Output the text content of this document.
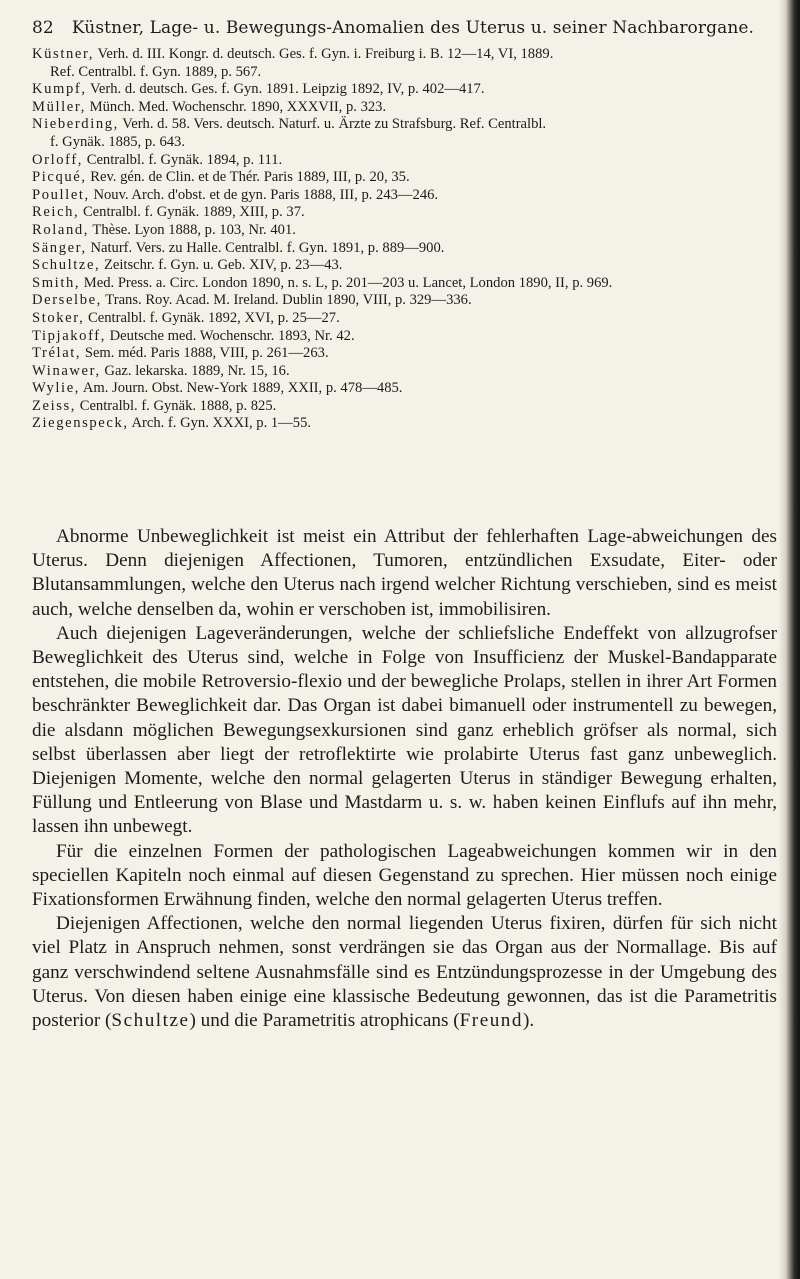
82 Küstner, Lage- u. Bewegungs-Anomalien des Uterus u. seiner Nachbarorgane.

Küstner, Verh. d. III. Kongr. d. deutsch. Ges. f. Gyn. i. Freiburg i. B. 12—14, VI, 1889.

Ref. Centralbl. f. Gyn. 1889, p. 567.

Kumpf, Verh. d. deutsch. Ges. f. Gyn. 1891. Leipzig 1892, IV, p. 402—417.

Müller, Münch. Med. Wochenschr. 1890, XXXVII, p. 323.

Nieberding, Verh. d. 58. Vers. deutsch. Naturf. u. Ärzte zu Strafsburg. Ref. Centralbl.

f. Gynäk. 1885, p. 643.

Orloff, Centralbl. f. Gynäk. 1894, p. 111.

Picqué, Rev. gén. de Clin. et de Thér. Paris 1889, III, p. 20, 35.

Poullet, Nouv. Arch. d'obst. et de gyn. Paris 1888, III, p. 243—246.

Reich, Centralbl. f. Gynäk. 1889, XIII, p. 37.

Roland, Thèse. Lyon 1888, p. 103, Nr. 401.

Sänger, Naturf. Vers. zu Halle. Centralbl. f. Gyn. 1891, p. 889—900.

Schultze, Zeitschr. f. Gyn. u. Geb. XIV, p. 23—43.

Smith, Med. Press. a. Circ. London 1890, n. s. L, p. 201—203 u. Lancet, London 1890, II, p. 969.

Derselbe, Trans. Roy. Acad. M. Ireland. Dublin 1890, VIII, p. 329—336.

Stoker, Centralbl. f. Gynäk. 1892, XVI, p. 25—27.

Tipjakoff, Deutsche med. Wochenschr. 1893, Nr. 42.

Trélat, Sem. méd. Paris 1888, VIII, p. 261—263.

Winawer, Gaz. lekarska. 1889, Nr. 15, 16.

Wylie, Am. Journ. Obst. New-York 1889, XXII, p. 478—485.

Zeiss, Centralbl. f. Gynäk. 1888, p. 825.

Ziegenspeck, Arch. f. Gyn. XXXI, p. 1—55.

Abnorme Unbeweglichkeit ist meist ein Attribut der fehlerhaften Lage-abweichungen des Uterus. Denn diejenigen Affectionen, Tumoren, entzündlichen Exsudate, Eiter- oder Blutansammlungen, welche den Uterus nach irgend welcher Richtung verschieben, sind es meist auch, welche denselben da, wohin er verschoben ist, immobilisiren.

Auch diejenigen Lageveränderungen, welche der schliefsliche Endeffekt von allzugrofser Beweglichkeit des Uterus sind, welche in Folge von Insufficienz der Muskel-Bandapparate entstehen, die mobile Retroversio-flexio und der bewegliche Prolaps, stellen in ihrer Art Formen beschränkter Beweglichkeit dar. Das Organ ist dabei bimanuell oder instrumentell zu bewegen, die alsdann möglichen Bewegungsexkursionen sind ganz erheblich gröfser als normal, sich selbst überlassen aber liegt der retroflektirte wie prolabirte Uterus fast ganz unbeweglich. Diejenigen Momente, welche den normal gelagerten Uterus in ständiger Bewegung erhalten, Füllung und Entleerung von Blase und Mastdarm u. s. w. haben keinen Einflufs auf ihn mehr, lassen ihn unbewegt.

Für die einzelnen Formen der pathologischen Lageabweichungen kommen wir in den speciellen Kapiteln noch einmal auf diesen Gegenstand zu sprechen. Hier müssen noch einige Fixationsformen Erwähnung finden, welche den normal gelagerten Uterus treffen.

Diejenigen Affectionen, welche den normal liegenden Uterus fixiren, dürfen für sich nicht viel Platz in Anspruch nehmen, sonst verdrängen sie das Organ aus der Normallage. Bis auf ganz verschwindend seltene Ausnahmsfälle sind es Entzündungsprozesse in der Umgebung des Uterus. Von diesen haben einige eine klassische Bedeutung gewonnen, das ist die Parametritis posterior (Schultze) und die Parametritis atrophicans (Freund).
